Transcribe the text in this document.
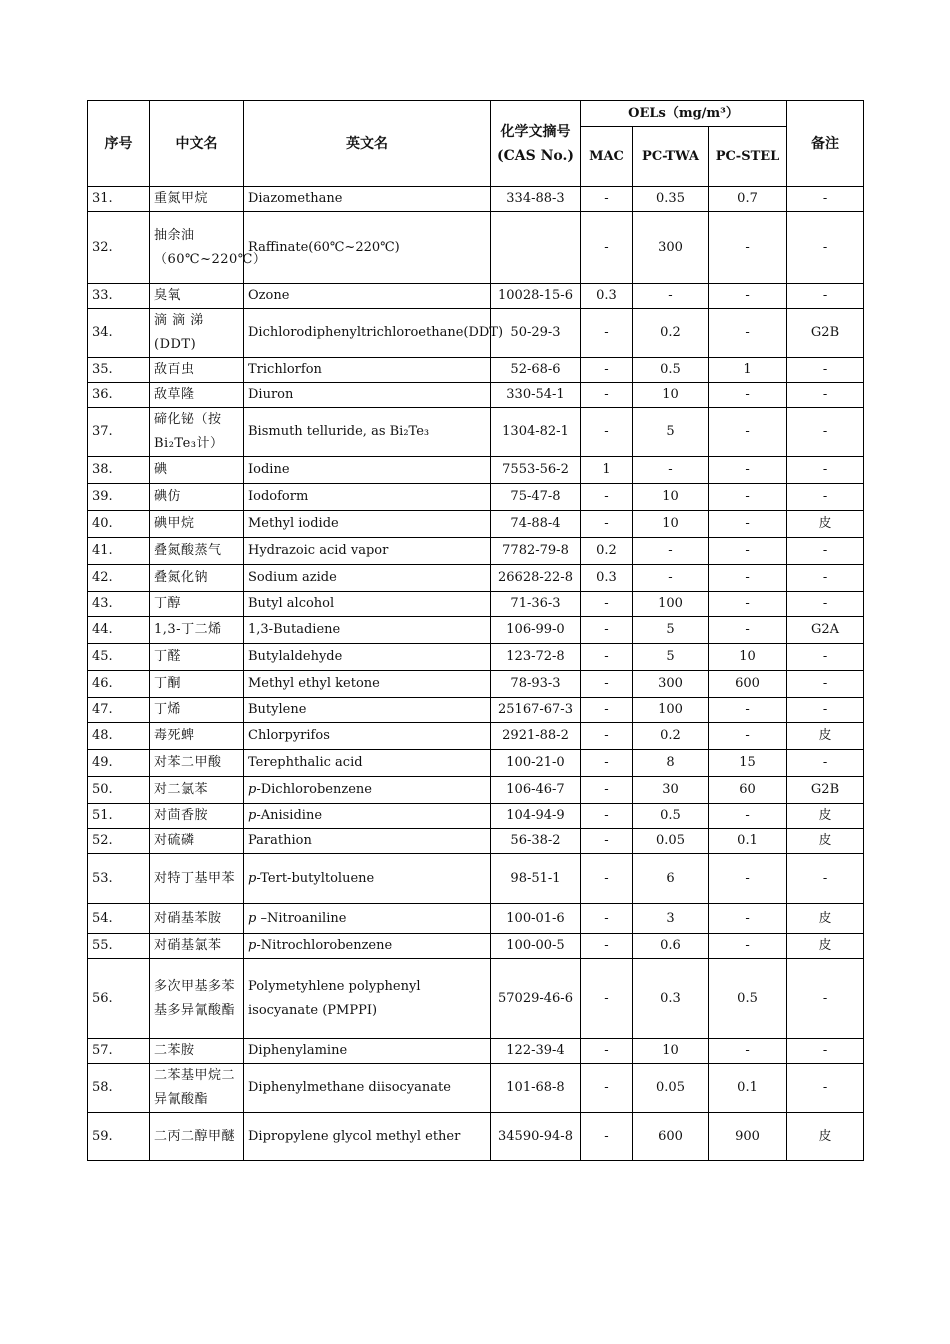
序号	中文名	英文名	化学文摘号(CAS No.)	OELs（mg/m³）			备注
				MAC	PC-TWA	PC-STEL	
31.	重氮甲烷	Diazomethane	334-88-3	-	0.35	0.7	-
32.	抽余油（60℃~220℃）	Raffinate(60℃~220℃)		-	300	-	-
33.	臭氧	Ozone	10028-15-6	0.3	-	-	-
34.	滴 滴 涕 (DDT)	Dichlorodiphenyltrichloroethane(DDT)	50-29-3	-	0.2	-	G2B
35.	敌百虫	Trichlorfon	52-68-6	-	0.5	1	-
36.	敌草隆	Diuron	330-54-1	-	10	-	-
37.	碲化铋（按Bi₂Te₃计）	Bismuth telluride, as Bi₂Te₃	1304-82-1	-	5	-	-
38.	碘	Iodine	7553-56-2	1	-	-	-
39.	碘仿	Iodoform	75-47-8	-	10	-	-
40.	碘甲烷	Methyl iodide	74-88-4	-	10	-	皮
41.	叠氮酸蒸气	Hydrazoic acid vapor	7782-79-8	0.2	-	-	-
42.	叠氮化钠	Sodium azide	26628-22-8	0.3	-	-	-
43.	丁醇	Butyl alcohol	71-36-3	-	100	-	-
44.	1,3-丁二烯	1,3-Butadiene	106-99-0	-	5	-	G2A
45.	丁醛	Butylaldehyde	123-72-8	-	5	10	-
46.	丁酮	Methyl ethyl ketone	78-93-3	-	300	600	-
47.	丁烯	Butylene	25167-67-3	-	100	-	-
48.	毒死蜱	Chlorpyrifos	2921-88-2	-	0.2	-	皮
49.	对苯二甲酸	Terephthalic acid	100-21-0	-	8	15	-
50.	对二氯苯	p-Dichlorobenzene	106-46-7	-	30	60	G2B
51.	对茴香胺	p-Anisidine	104-94-9	-	0.5	-	皮
52.	对硫磷	Parathion	56-38-2	-	0.05	0.1	皮
53.	对特丁基甲苯	p-Tert-butyltoluene	98-51-1	-	6	-	-
54.	对硝基苯胺	p –Nitroaniline	100-01-6	-	3	-	皮
55.	对硝基氯苯	p-Nitrochlorobenzene	100-00-5	-	0.6	-	皮
56.	多次甲基多苯基多异氰酸酯	Polymetyhlene polyphenyl isocyanate (PMPPI)	57029-46-6	-	0.3	0.5	-
57.	二苯胺	Diphenylamine	122-39-4	-	10	-	-
58.	二苯基甲烷二异氰酸酯	Diphenylmethane diisocyanate	101-68-8	-	0.05	0.1	-
59.	二丙二醇甲醚	Dipropylene glycol methyl ether	34590-94-8	-	600	900	皮
